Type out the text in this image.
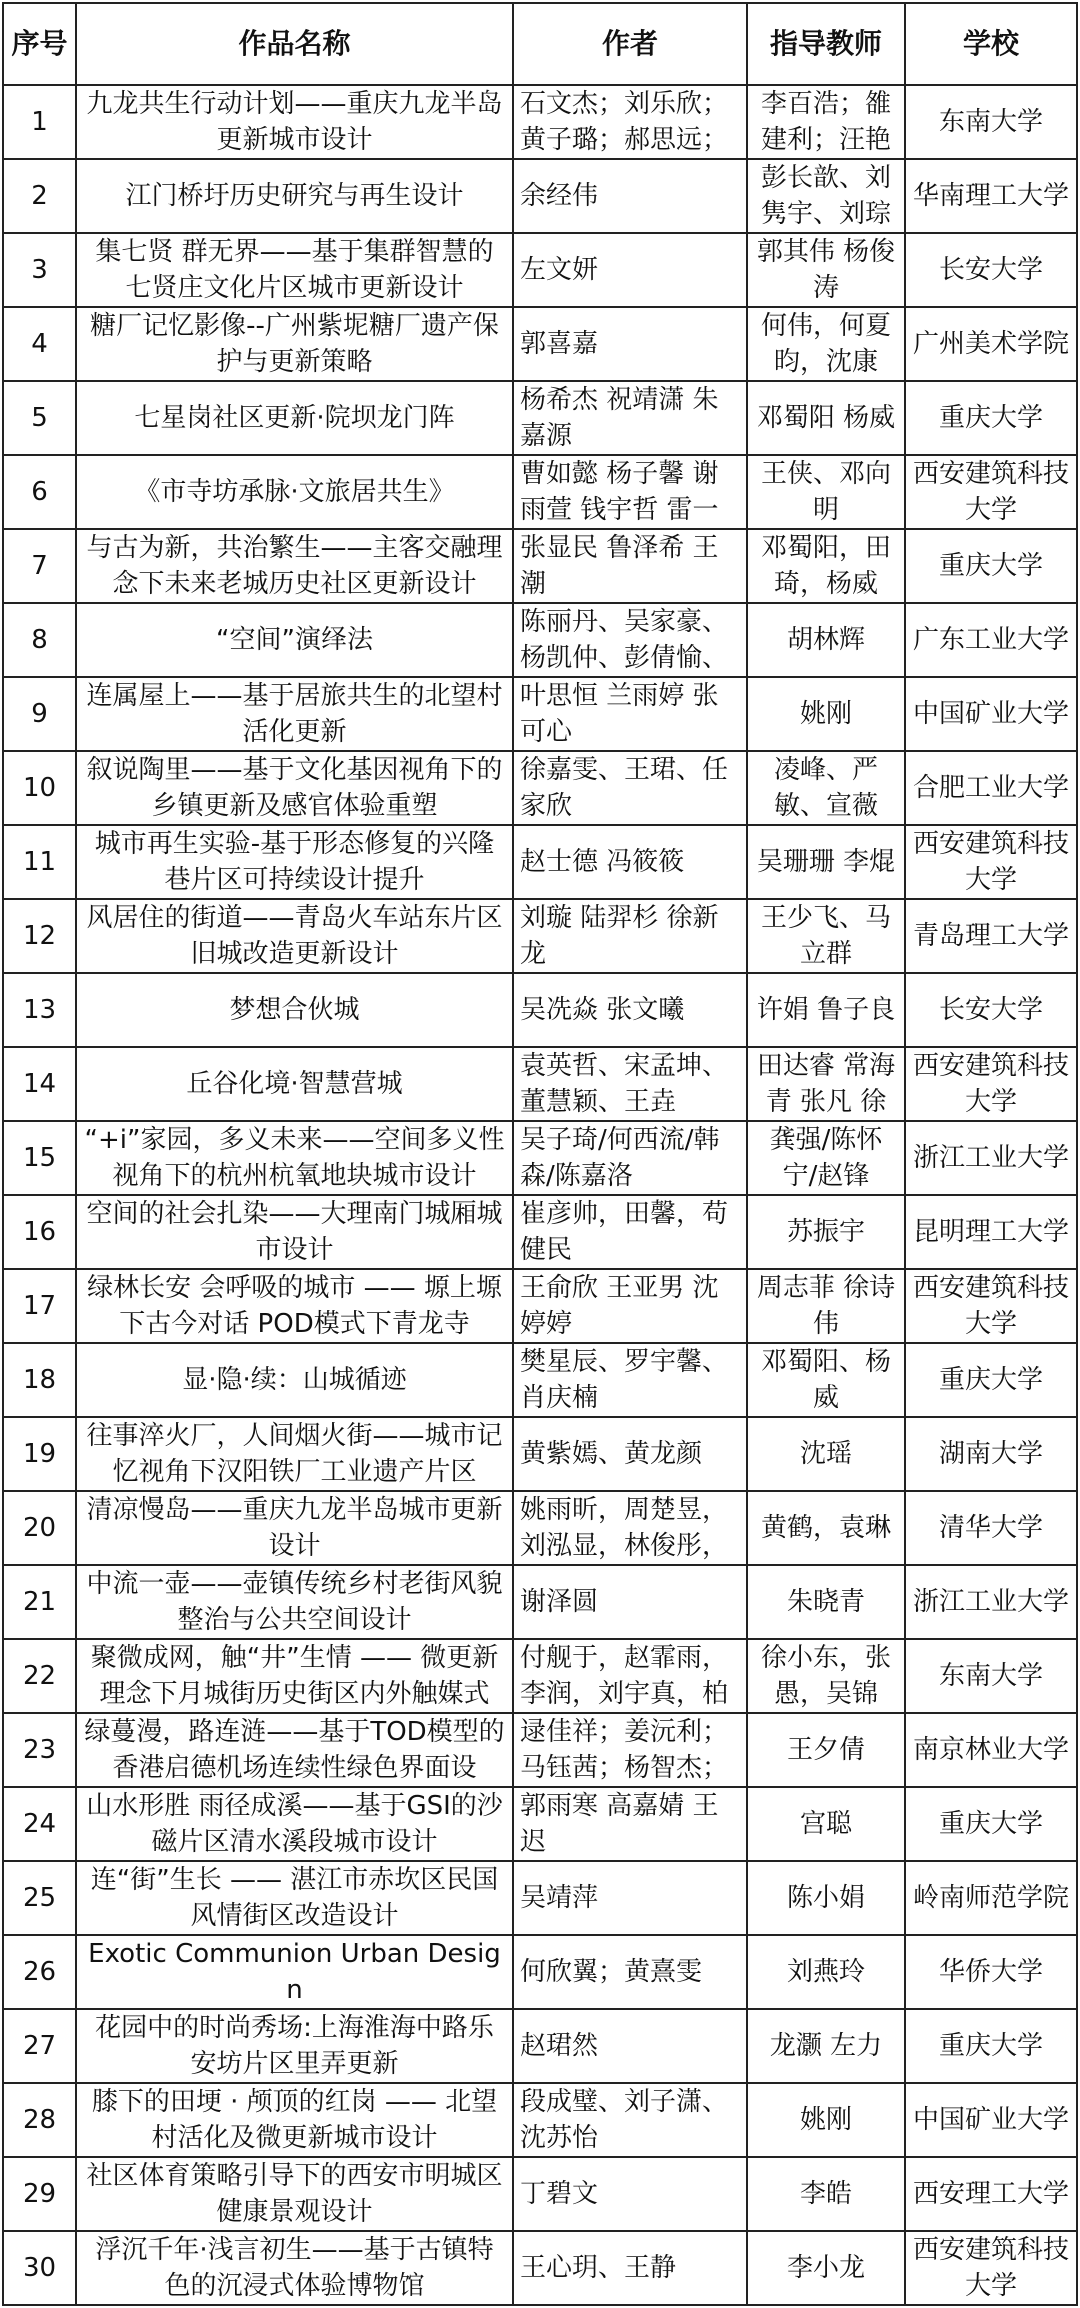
序号	作品名称	作者	指导教师	学校
1	九龙共生行动计划——重庆九龙半岛更新城市设计	石文杰；刘乐欣；黄子璐；郝思远；	李百浩；雒建利；汪艳	东南大学
2	江门桥圩历史研究与再生设计	余经伟	彭长歆、刘隽宇、刘琮	华南理工大学
3	集七贤 群无界——基于集群智慧的七贤庄文化片区城市更新设计	左文妍	郭其伟 杨俊涛	长安大学
4	糖厂记忆影像--广州紫坭糖厂遗产保护与更新策略	郭喜嘉	何伟，何夏昀，沈康	广州美术学院
5	七星岗社区更新·院坝龙门阵	杨希杰 祝靖潇 朱嘉源	邓蜀阳 杨威	重庆大学
6	《市寺坊承脉·文旅居共生》	曹如懿 杨子馨 谢雨萱 钱宇哲 雷一	王侠、邓向明	西安建筑科技大学
7	与古为新，共治繁生——主客交融理念下未来老城历史社区更新设计	张显民 鲁泽希 王潮	邓蜀阳，田琦，杨威	重庆大学
8	“空间”演绎法	陈丽丹、吴家豪、杨凯仲、彭倩愉、	胡林辉	广东工业大学
9	连属屋上——基于居旅共生的北望村活化更新	叶思恒 兰雨婷 张可心	姚刚	中国矿业大学
10	叙说陶里——基于文化基因视角下的乡镇更新及感官体验重塑	徐嘉雯、王珺、任家欣	凌峰、严敏、宣薇	合肥工业大学
11	城市再生实验-基于形态修复的兴隆巷片区可持续设计提升	赵士德 冯筱筱	吴珊珊 李焜	西安建筑科技大学
12	风居住的街道——青岛火车站东片区旧城改造更新设计	刘璇 陆羿杉 徐新龙	王少飞、马立群	青岛理工大学
13	梦想合伙城	吴冼焱 张文曦	许娟 鲁子良	长安大学
14	丘谷化境·智慧营城	袁英哲、宋孟坤、董慧颖、王垚	田达睿 常海青 张凡 徐	西安建筑科技大学
15	“+i”家园，多义未来——空间多义性视角下的杭州杭氧地块城市设计	吴子琦/何西流/韩森/陈嘉洛	龚强/陈怀宁/赵锋	浙江工业大学
16	空间的社会扎染——大理南门城厢城市设计	崔彦帅，田馨，苟健民	苏振宇	昆明理工大学
17	绿林长安 会呼吸的城市 —— 塬上塬下古今对话 POD模式下青龙寺	王俞欣 王亚男 沈婷婷	周志菲 徐诗伟	西安建筑科技大学
18	显·隐·续：山城循迹	樊星辰、罗宇馨、肖庆楠	邓蜀阳、杨威	重庆大学
19	往事淬火厂，人间烟火街——城市记忆视角下汉阳铁厂工业遗产片区	黄紫嫣、黄龙颜	沈瑶	湖南大学
20	清凉慢岛——重庆九龙半岛城市更新设计	姚雨昕，周楚昱，刘泓显，林俊彤，	黄鹤，袁琳	清华大学
21	中流一壶——壶镇传统乡村老街风貌整治与公共空间设计	谢泽圆	朱晓青	浙江工业大学
22	聚微成网，触“井”生情 —— 微更新理念下月城街历史街区内外触媒式	付舰于，赵霏雨，李润，刘宇真，柏	徐小东，张愚，吴锦	东南大学
23	绿蔓漫，路连涟——基于TOD模型的香港启德机场连续性绿色界面设	逯佳祥；姜沅利；马钰茜；杨智杰；	王夕倩	南京林业大学
24	山水形胜 雨径成溪——基于GSI的沙磁片区清水溪段城市设计	郭雨寒 高嘉婧 王迟	宫聪	重庆大学
25	连“街”生长 —— 湛江市赤坎区民国风情街区改造设计	吴靖萍	陈小娟	岭南师范学院
26	Exotic Communion Urban Design	何欣翼；黄熹雯	刘燕玲	华侨大学
27	花园中的时尚秀场:上海淮海中路乐安坊片区里弄更新	赵珺然	龙灏 左力	重庆大学
28	膝下的田埂 · 颅顶的红岗 —— 北望村活化及微更新城市设计	段成璧、刘子潇、沈苏怡	姚刚	中国矿业大学
29	社区体育策略引导下的西安市明城区健康景观设计	丁碧文	李皓	西安理工大学
30	浮沉千年·浅言初生——基于古镇特色的沉浸式体验博物馆	王心玥、王静	李小龙	西安建筑科技大学
